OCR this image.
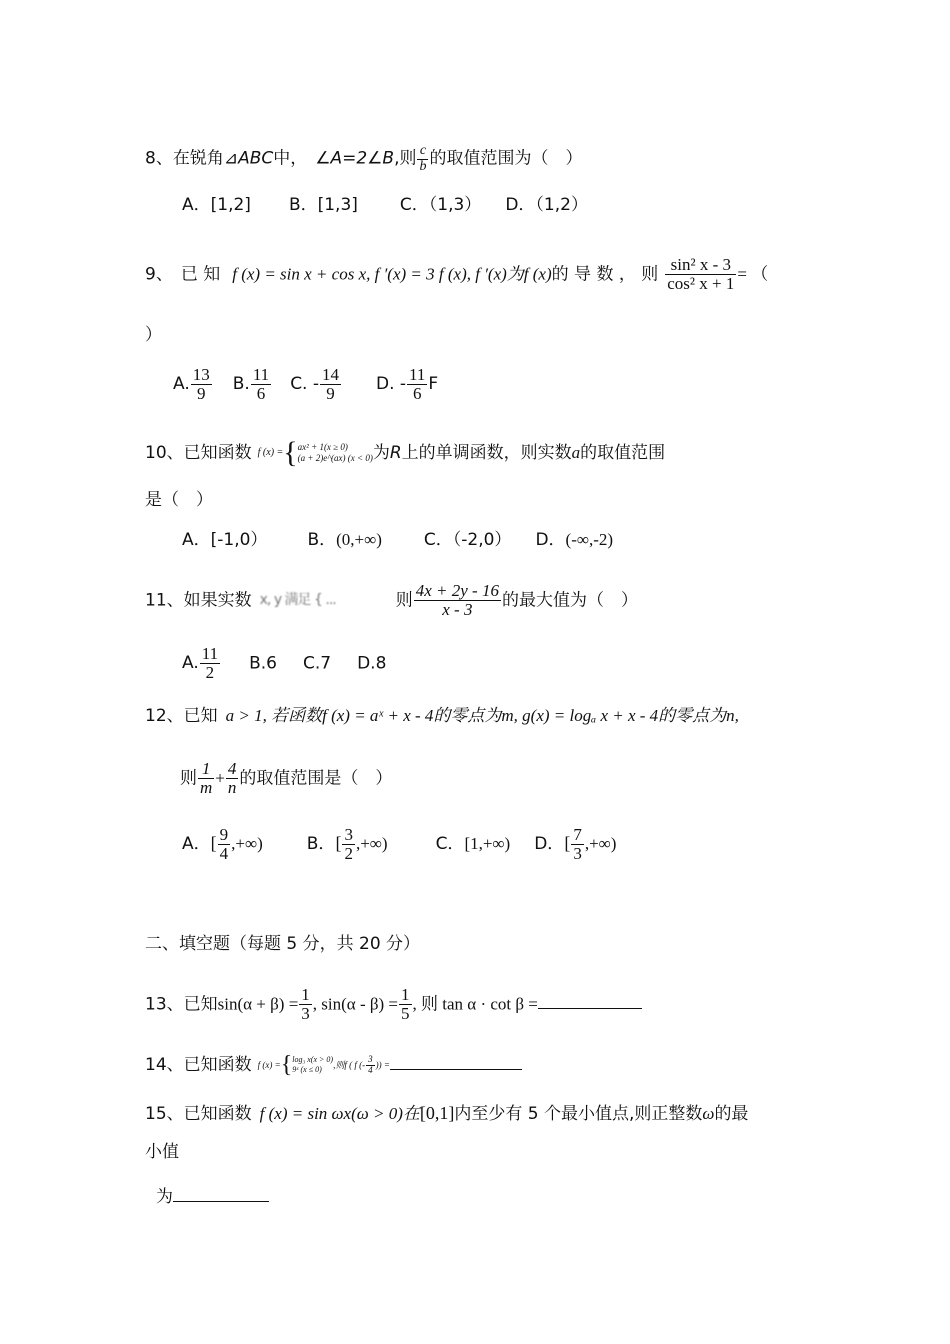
8、在锐角⊿ABC中， ∠A=2∠B,则 $\frac{c}{b}$ 的取值范围为（　）
A．[1,2] B．[1,3] C．（1,3） D．（1,2）
9、 已 知 f (x) = sin x + cos x, f ′(x) = 3 f (x), f ′(x)为f (x)的 导 数 ， 则 $\frac{\text{sin² x - 3}}{\text{cos² x + 1}}$ = （
）
A. $\frac{13}{9} B$. $\frac{11}{6} C$. - $\frac{14}{9} D$. - $\frac{11}{6}$ F
10、已知函数 f (x) ={ ax² + 1(x ≥ 0)
(a + 2)e^(ax) (x < 0) 为R上的单调函数，则实数a的取值范围
是（　）
A．[-1,0） B．(0,+∞) C．（-2,0） D．(-∞,-2)
11、如果实数 x, y 满足 { ...	则 $\frac{4x + 2y - 16}{x - 3}$ 的最大值为（　）
A. $\frac{11}{2} B.6$ C.7 D.8
12、已知 a > 1, 若函数f (x) = aˣ + x - 4的零点为m, g(x) = logₐ x + x - 4的零点为n,
则 $\frac{1}{m} + \frac{4}{n}$ 的取值范围是（　）
A．[ $\frac{9}{4}$ ,+∞)	B．[ $\frac{3}{2}$ ,+∞)	C．[1,+∞) D．[ $\frac{7}{3}$ ,+∞)
二、填空题（每题 5 分，共 20 分）
13、已知$\sin(\alpha + \beta) = \frac{1}{3}$ , $\sin(\alpha - \beta) = \frac{1}{5}$ , 则 tan α · cot β =
14、已知函数 f (x) ={ log₃ x(x > 0)
9ˣ (x ≤ 0)	,则f ( f (- $\frac{3}{4}$ )) =
15、已知函数 f (x) = sin ωx(ω > 0)在[0,1]内至少有 5 个最小值点,则正整数ω的最
小值
为
